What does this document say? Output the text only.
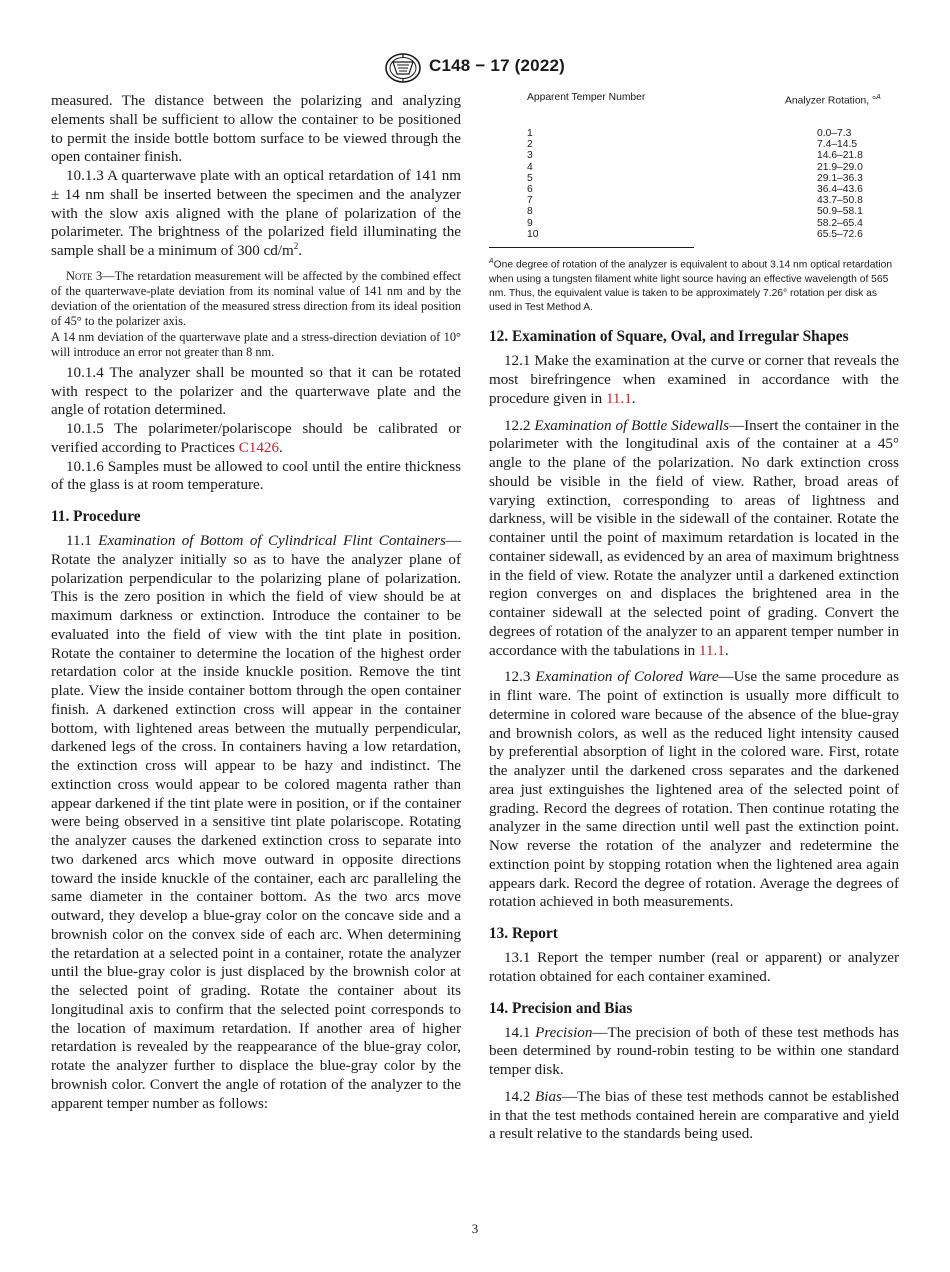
C148 − 17 (2022)

measured. The distance between the polarizing and analyzing elements shall be sufficient to allow the container to be positioned to permit the inside bottle bottom surface to be viewed through the open container finish.

10.1.3 A quarterwave plate with an optical retardation of 141 nm ± 14 nm shall be inserted between the specimen and the analyzer with the slow axis aligned with the plane of polarization of the polarimeter. The brightness of the polarized field illuminating the sample shall be a minimum of 300 $cd/m^2$.

Note 3—The retardation measurement will be affected by the combined effect of the quarterwave-plate deviation from its nominal value of 141 nm and by the deviation of the orientation of the measured stress direction from its ideal position of 45° to the polarizer axis.

A 14 nm deviation of the quarterwave plate and a stress-direction deviation of 10° will introduce an error not greater than 8 nm.

10.1.4 The analyzer shall be mounted so that it can be rotated with respect to the polarizer and the quarterwave plate and the angle of rotation determined.

10.1.5 The polarimeter/polariscope should be calibrated or verified according to Practices C1426.

10.1.6 Samples must be allowed to cool until the entire thickness of the glass is at room temperature.

11. Procedure

11.1 Examination of Bottom of Cylindrical Flint Containers—Rotate the analyzer initially so as to have the analyzer plane of polarization perpendicular to the polarizing plane of polarization. This is the zero position in which the field of view should be at maximum darkness or extinction. Introduce the container to be evaluated into the field of view with the tint plate in position. Rotate the container to determine the location of the highest order retardation color at the inside knuckle position. Remove the tint plate. View the inside container bottom through the open container finish. A darkened extinction cross will appear in the container bottom, with lightened areas between the mutually perpendicular, darkened legs of the cross. In containers having a low retardation, the extinction cross will appear to be hazy and indistinct. The extinction cross would appear to be colored magenta rather than appear darkened if the tint plate were in position, or if the container were being observed in a sensitive tint plate polariscope. Rotating the analyzer causes the darkened extinction cross to separate into two darkened arcs which move outward in opposite directions toward the inside knuckle of the container, each arc paralleling the same diameter in the container bottom. As the two arcs move outward, they develop a blue-gray color on the concave side and a brownish color on the convex side of each arc. When determining the retardation at a selected point in a container, rotate the analyzer until the blue-gray color is just displaced by the brownish color at the selected point of grading. Rotate the container about its longitudinal axis to confirm that the selected point corresponds to the location of maximum retardation. If another area of higher retardation is revealed by the reappearance of the blue-gray color, rotate the analyzer further to displace the blue-gray color by the brownish color. Convert the angle of rotation of the analyzer to the apparent temper number as follows:

Apparent Temper Number	Analyzer Rotation, °$^A$

1	0.0–7.3
2	7.4–14.5
3	14.6–21.8
4	21.9–29.0
5	29.1–36.3
6	36.4–43.6
7	43.7–50.8
8	50.9–58.1
9	58.2–65.4
10	65.5–72.6

$^A$One degree of rotation of the analyzer is equivalent to about 3.14 nm optical retardation when using a tungsten filament white light source having an effective wavelength of 565 nm. Thus, the equivalent value is taken to be approximately 7.26° rotation per disk as used in Test Method A.

12. Examination of Square, Oval, and Irregular Shapes

12.1 Make the examination at the curve or corner that reveals the most birefringence when examined in accordance with the procedure given in 11.1.

12.2 Examination of Bottle Sidewalls—Insert the container in the polarimeter with the longitudinal axis of the container at a 45° angle to the plane of the polarization. No dark extinction cross should be visible in the field of view. Rather, broad areas of varying extinction, corresponding to areas of lightness and darkness, will be visible in the sidewall of the container. Rotate the container until the point of maximum retardation is located in the container sidewall, as evidenced by an area of maximum brightness in the field of view. Rotate the analyzer until a darkened extinction region converges on and displaces the brightened area in the container sidewall at the selected point of grading. Convert the degrees of rotation of the analyzer to an apparent temper number in accordance with the tabulations in 11.1.

12.3 Examination of Colored Ware—Use the same procedure as in flint ware. The point of extinction is usually more difficult to determine in colored ware because of the absence of the blue-gray and brownish colors, as well as the reduced light intensity caused by preferential absorption of light in the colored ware. First, rotate the analyzer until the darkened cross separates and the darkened area just extinguishes the lightened area of the selected point of grading. Record the degrees of rotation. Then continue rotating the analyzer in the same direction until well past the extinction point. Now reverse the rotation of the analyzer and redetermine the extinction point by stopping rotation when the lightened area again appears dark. Record the degree of rotation. Average the degrees of rotation achieved in both measurements.

13. Report

13.1 Report the temper number (real or apparent) or analyzer rotation obtained for each container examined.

14. Precision and Bias

14.1 Precision—The precision of both of these test methods has been determined by round-robin testing to be within one standard temper disk.

14.2 Bias—The bias of these test methods cannot be established in that the test methods contained herein are comparative and yield a result relative to the standards being used.

3
